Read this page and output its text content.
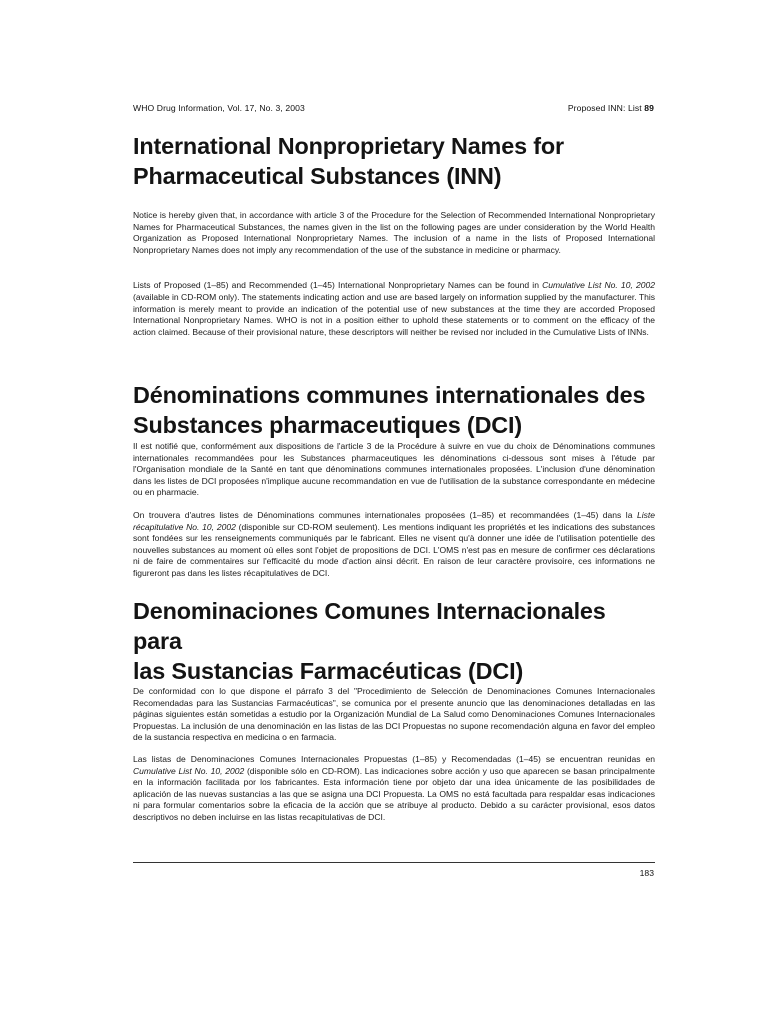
WHO Drug Information, Vol. 17, No. 3, 2003	Proposed INN: List 89
International Nonproprietary Names for
Pharmaceutical Substances (INN)

Notice is hereby given that, in accordance with article 3 of the Procedure for the Selection of Recommended International Nonproprietary Names for Pharmaceutical Substances, the names given in the list on the following pages are under consideration by the World Health Organization as Proposed International Nonproprietary Names. The inclusion of a name in the lists of Proposed International Nonproprietary Names does not imply any recommendation of the use of the substance in medicine or pharmacy.

Lists of Proposed (1–85) and Recommended (1–45) International Nonproprietary Names can be found in Cumulative List No. 10, 2002 (available in CD-ROM only). The statements indicating action and use are based largely on information supplied by the manufacturer. This information is merely meant to provide an indication of the potential use of new substances at the time they are accorded Proposed International Nonproprietary Names. WHO is not in a position either to uphold these statements or to comment on the efficacy of the action claimed. Because of their provisional nature, these descriptors will neither be revised nor included in the Cumulative Lists of INNs.

Dénominations communes internationales des
Substances pharmaceutiques (DCI)

Il est notifié que, conformément aux dispositions de l'article 3 de la Procédure à suivre en vue du choix de Dénominations communes internationales recommandées pour les Substances pharmaceutiques les dénominations ci-dessous sont mises à l'étude par l'Organisation mondiale de la Santé en tant que dénominations communes internationales proposées. L'inclusion d'une dénomination dans les listes de DCI proposées n'implique aucune recommandation en vue de l'utilisation de la substance correspondante en médecine ou en pharmacie.

On trouvera d'autres listes de Dénominations communes internationales proposées (1–85) et recommandées (1–45) dans la Liste récapitulative No. 10, 2002 (disponible sur CD-ROM seulement). Les mentions indiquant les propriétés et les indications des substances sont fondées sur les renseignements communiqués par le fabricant. Elles ne visent qu'à donner une idée de l'utilisation potentielle des nouvelles substances au moment où elles sont l'objet de propositions de DCI. L'OMS n'est pas en mesure de confirmer ces déclarations ni de faire de commentaires sur l'efficacité du mode d'action ainsi décrit. En raison de leur caractère provisoire, ces informations ne figureront pas dans les listes récapitulatives de DCI.

Denominaciones Comunes Internacionales para
las Sustancias Farmacéuticas (DCI)

De conformidad con lo que dispone el párrafo 3 del "Procedimiento de Selección de Denominaciones Comunes Internacionales Recomendadas para las Sustancias Farmacéuticas", se comunica por el presente anuncio que las denominaciones detalladas en las páginas siguientes están sometidas a estudio por la Organización Mundial de La Salud como Denominaciones Comunes Internacionales Propuestas. La inclusión de una denominación en las listas de las DCI Propuestas no supone recomendación alguna en favor del empleo de la sustancia respectiva en medicina o en farmacia.

Las listas de Denominaciones Comunes Internacionales Propuestas (1–85) y Recomendadas (1–45) se encuentran reunidas en Cumulative List No. 10, 2002 (disponible sólo en CD-ROM). Las indicaciones sobre acción y uso que aparecen se basan principalmente en la información facilitada por los fabricantes. Esta información tiene por objeto dar una idea únicamente de las posibilidades de aplicación de las nuevas sustancias a las que se asigna una DCI Propuesta. La OMS no está facultada para respaldar esas indicaciones ni para formular comentarios sobre la eficacia de la acción que se atribuye al producto. Debido a su carácter provisional, esos datos descriptivos no deben incluirse en las listas recapitulativas de DCI.

183
